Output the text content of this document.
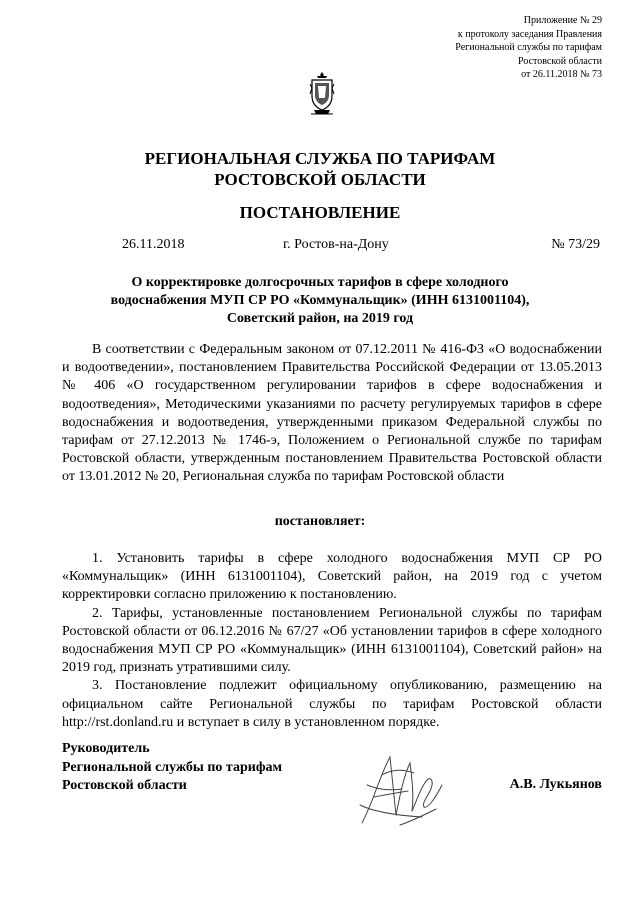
Приложение № 29
к протоколу заседания Правления
Региональной службы по тарифам
Ростовской области
от 26.11.2018 № 73
РЕГИОНАЛЬНАЯ СЛУЖБА ПО ТАРИФАМ
РОСТОВСКОЙ ОБЛАСТИ
ПОСТАНОВЛЕНИЕ
26.11.2018	г. Ростов-на-Дону	№ 73/29
О корректировке долгосрочных тарифов в сфере холодного
водоснабжения МУП СР РО «Коммунальщик» (ИНН 6131001104),
Советский район, на 2019 год

В соответствии с Федеральным законом от 07.12.2011 № 416-ФЗ «О водоснабжении и водоотведении», постановлением Правительства Российской Федерации от 13.05.2013 № 406 «О государственном регулировании тарифов в сфере водоснабжения и водоотведения», Методическими указаниями по расчету регулируемых тарифов в сфере водоснабжения и водоотведения, утвержденными приказом Федеральной службы по тарифам от 27.12.2013 № 1746-э, Положением о Региональной службе по тарифам Ростовской области, утвержденным постановлением Правительства Ростовской области от 13.01.2012 № 20, Региональная служба по тарифам Ростовской области

постановляет:

1. Установить тарифы в сфере холодного водоснабжения МУП СР РО «Коммунальщик» (ИНН 6131001104), Советский район, на 2019 год с учетом корректировки согласно приложению к постановлению.

2. Тарифы, установленные постановлением Региональной службы по тарифам Ростовской области от 06.12.2016 № 67/27 «Об установлении тарифов в сфере холодного водоснабжения МУП СР РО «Коммунальщик» (ИНН 6131001104), Советский район» на 2019 год, признать утратившими силу.

3. Постановление подлежит официальному опубликованию, размещению на официальном сайте Региональной службы по тарифам Ростовской области http://rst.donland.ru и вступает в силу в установленном порядке.

Руководитель
Региональной службы по тарифам
Ростовской области	А.В. Лукьянов
